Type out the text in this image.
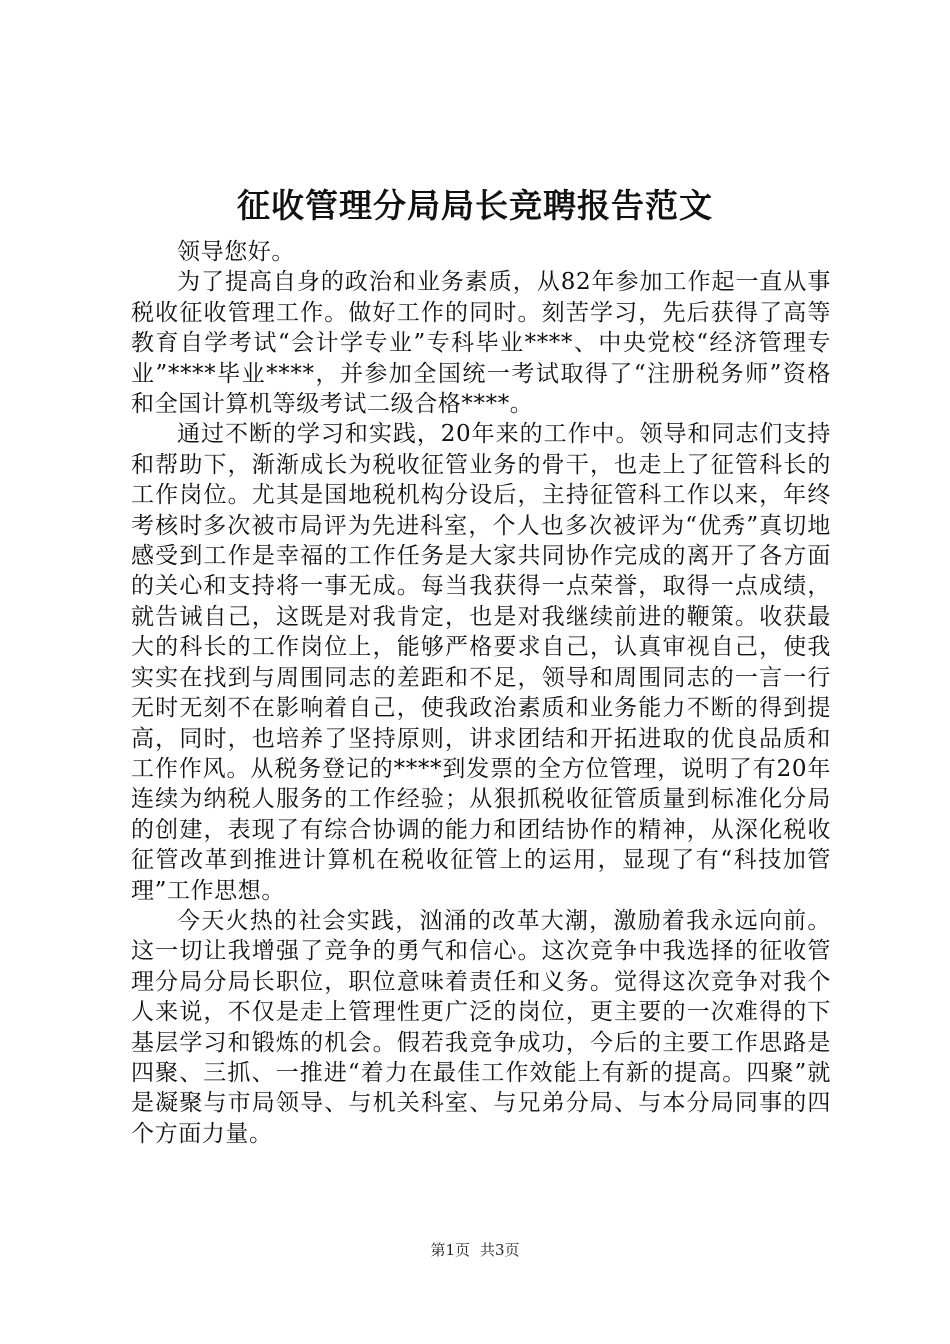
征收管理分局局长竞聘报告范文

领导您好。

为了提高自身的政治和业务素质，从82年参加工作起一直从事税收征收管理工作。做好工作的同时。刻苦学习，先后获得了高等教育自学考试“会计学专业”专科毕业****、中央党校“经济管理专业”****毕业****，并参加全国统一考试取得了“注册税务师”资格和全国计算机等级考试二级合格****。

通过不断的学习和实践，20年来的工作中。领导和同志们支持和帮助下，渐渐成长为税收征管业务的骨干，也走上了征管科长的工作岗位。尤其是国地税机构分设后，主持征管科工作以来，年终考核时多次被市局评为先进科室，个人也多次被评为“优秀”真切地感受到工作是幸福的工作任务是大家共同协作完成的离开了各方面的关心和支持将一事无成。每当我获得一点荣誉，取得一点成绩，就告诫自己，这既是对我肯定，也是对我继续前进的鞭策。收获最大的科长的工作岗位上，能够严格要求自己，认真审视自己，使我实实在找到与周围同志的差距和不足，领导和周围同志的一言一行无时无刻不在影响着自己，使我政治素质和业务能力不断的得到提高，同时，也培养了坚持原则，讲求团结和开拓进取的优良品质和工作作风。从税务登记的****到发票的全方位管理，说明了有20年连续为纳税人服务的工作经验；从狠抓税收征管质量到标准化分局的创建，表现了有综合协调的能力和团结协作的精神，从深化税收征管改革到推进计算机在税收征管上的运用，显现了有“科技加管理”工作思想。

今天火热的社会实践，汹涌的改革大潮，激励着我永远向前。这一切让我增强了竞争的勇气和信心。这次竞争中我选择的征收管理分局分局长职位，职位意味着责任和义务。觉得这次竞争对我个人来说，不仅是走上管理性更广泛的岗位，更主要的一次难得的下基层学习和锻炼的机会。假若我竞争成功，今后的主要工作思路是四聚、三抓、一推进“着力在最佳工作效能上有新的提高。四聚”就是凝聚与市局领导、与机关科室、与兄弟分局、与本分局同事的四个方面力量。

第1页 共3页
